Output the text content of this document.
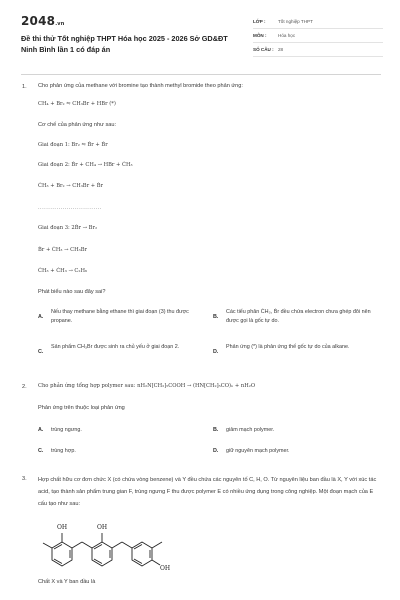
2048.vn
Đề thi thử Tốt nghiệp THPT Hóa học 2025 - 2026 Sở GD&ĐT Ninh Bình lần 1 có đáp án
LỚP :	Tốt nghiệp THPT
MÔN :	Hóa học
SỐ CÂU : 28
1. Cho phản ứng của methane với bromine tạo thành methyl bromide theo phản ứng:
CH₄ + Br₂ ⇋ CH₃Br + HBr (*)
Cơ chế của phản ứng như sau:
Giai đoạn 1: Br₂ ⇋ Ḃr + Ḃr
Giai đoạn 2: Ḃr + CH₄ → HBr + ĊH₃
ĊH₃ + Br₂ → CH₃Br + Ḃr
...............................
Giai đoạn 3: 2Ḃr → Br₂
Ḃr + ĊH₃ → CH₃Br
ĊH₃ + ĊH₃ → C₂H₆
Phát biểu nào sau đây sai?
A.
Nếu thay methane bằng ethane thì giai đoạn (3) thu được propane.
B.
Các tiểu phân ĊH₃, Ḃr đều chứa electron chưa ghép đôi nên được gọi là gốc tự do.
C.
Sản phẩm CH₃Br được sinh ra chủ yếu ở giai đoạn 2.
D.
Phản ứng (*) là phản ứng thế gốc tự do của alkane.
2. Cho phản ứng tổng hợp polymer sau: nH₂N[CH₂]₅COOH → (HN[CH₂]₅CO)ₙ + nH₂O
Phản ứng trên thuộc loại phản ứng
A. trùng ngưng.	B. giảm mạch polymer.
C. trùng hợp.	D. giữ nguyên mạch polymer.
3. Hợp chất hữu cơ đơn chức X (có chứa vòng benzene) và Y đều chứa các nguyên tố C, H, O. Từ nguyên liệu ban đầu là X, Y với xúc tác acid, tạo thành sản phẩm trung gian F, trùng ngưng F thu được polymer E có nhiều ứng dụng trong công nghiệp. Một đoạn mạch của E cấu tạo như sau:
OH	OH
OH
Chất X và Y ban đầu là
